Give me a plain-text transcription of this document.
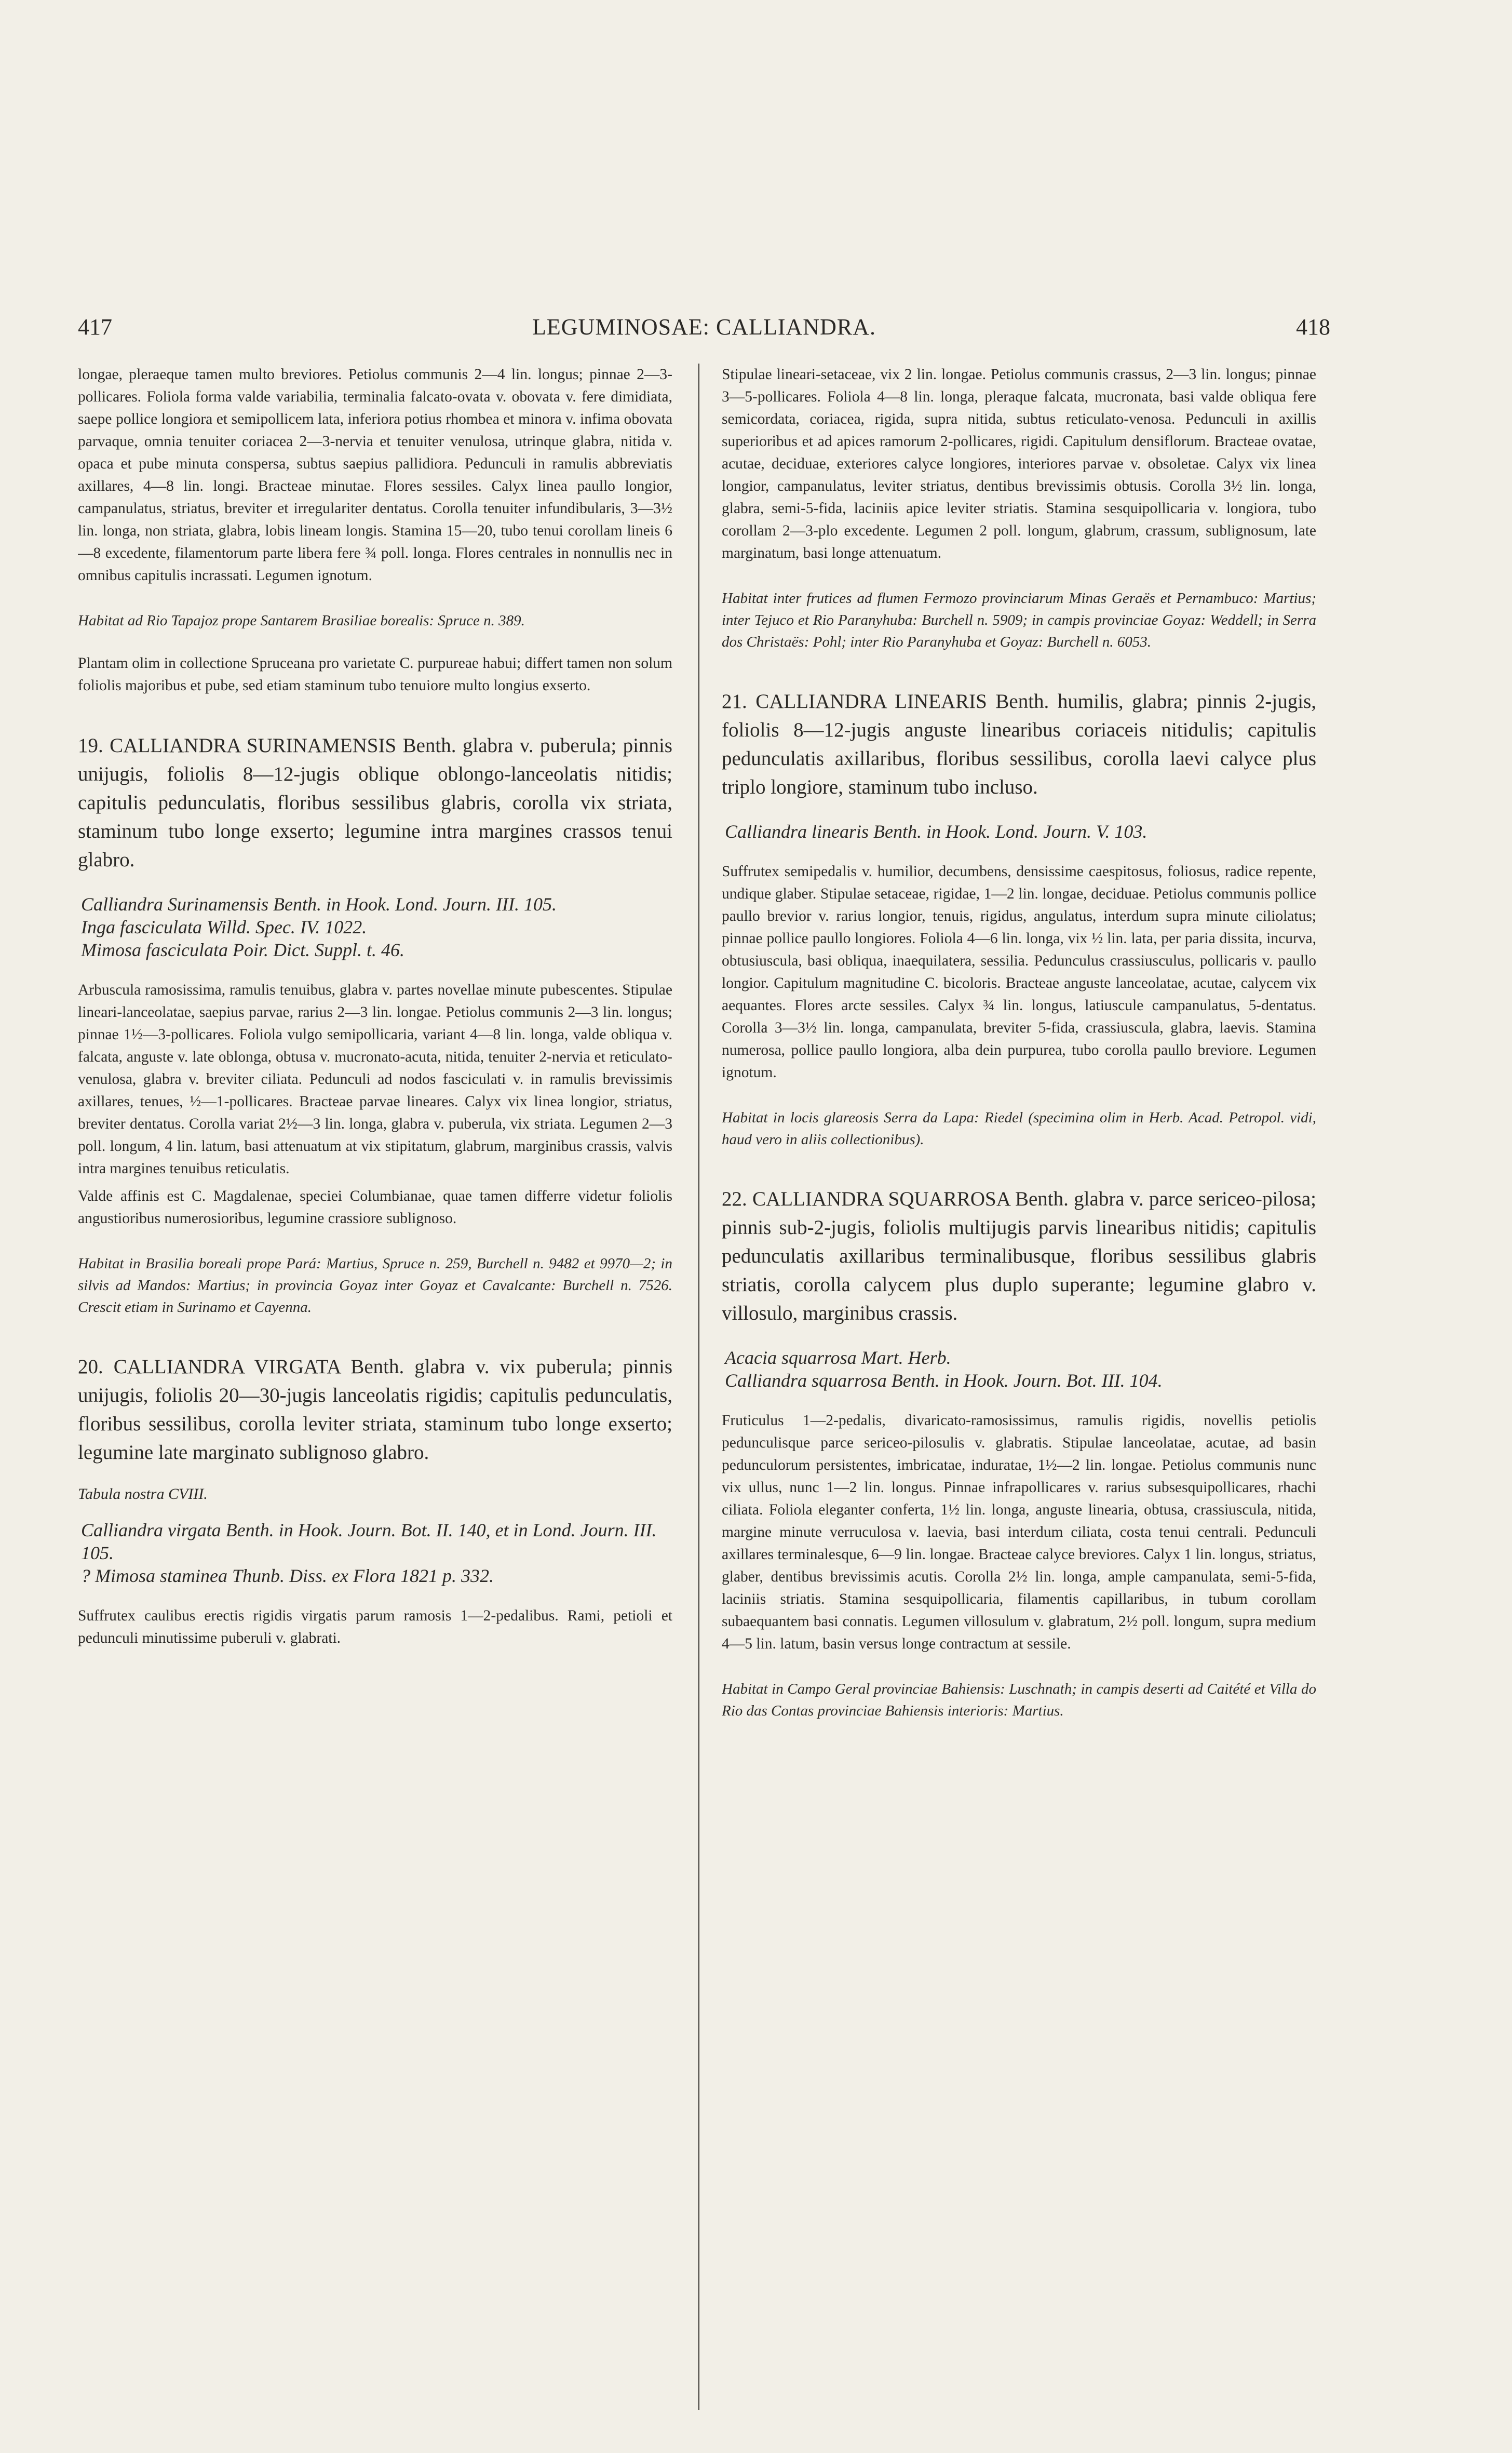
417	LEGUMINOSAE: CALLIANDRA.	418

longae, pleraeque tamen multo breviores. Petiolus communis 2—4 lin. longus; pinnae 2—3-pollicares. Foliola forma valde variabilia, terminalia falcato-ovata v. obovata v. fere dimidiata, saepe pollice longiora et semipollicem lata, inferiora potius rhombea et minora v. infima obovata parvaque, omnia tenuiter coriacea 2—3-nervia et tenuiter venulosa, utrinque glabra, nitida v. opaca et pube minuta conspersa, subtus saepius pallidiora. Pedunculi in ramulis abbreviatis axillares, 4—8 lin. longi. Bracteae minutae. Flores sessiles. Calyx linea paullo longior, campanulatus, striatus, breviter et irregulariter dentatus. Corolla tenuiter infundibularis, 3—3½ lin. longa, non striata, glabra, lobis lineam longis. Stamina 15—20, tubo tenui corollam lineis 6—8 excedente, filamentorum parte libera fere ¾ poll. longa. Flores centrales in nonnullis nec in omnibus capitulis incrassati. Legumen ignotum.

Habitat ad Rio Tapajoz prope Santarem Brasiliae borealis: Spruce n. 389.

Plantam olim in collectione Spruceana pro varietate C. purpureae habui; differt tamen non solum foliolis majoribus et pube, sed etiam staminum tubo tenuiore multo longius exserto.

19. CALLIANDRA SURINAMENSIS Benth. glabra v. puberula; pinnis unijugis, foliolis 8—12-jugis oblique oblongo-lanceolatis nitidis; capitulis pedunculatis, floribus sessilibus glabris, corolla vix striata, staminum tubo longe exserto; legumine intra margines crassos tenui glabro.

Calliandra Surinamensis Benth. in Hook. Lond. Journ. III. 105.

Inga fasciculata Willd. Spec. IV. 1022.

Mimosa fasciculata Poir. Dict. Suppl. t. 46.

Arbuscula ramosissima, ramulis tenuibus, glabra v. partes novellae minute pubescentes. Stipulae lineari-lanceolatae, saepius parvae, rarius 2—3 lin. longae. Petiolus communis 2—3 lin. longus; pinnae 1½—3-pollicares. Foliola vulgo semipollicaria, variant 4—8 lin. longa, valde obliqua v. falcata, anguste v. late oblonga, obtusa v. mucronato-acuta, nitida, tenuiter 2-nervia et reticulato-venulosa, glabra v. breviter ciliata. Pedunculi ad nodos fasciculati v. in ramulis brevissimis axillares, tenues, ½—1-pollicares. Bracteae parvae lineares. Calyx vix lineа longior, striatus, breviter dentatus. Corolla variat 2½—3 lin. longa, glabra v. puberula, vix striata. Legumen 2—3 poll. longum, 4 lin. latum, basi attenuatum at vix stipitatum, glabrum, marginibus crassis, valvis intra margines tenuibus reticulatis.

Valde affinis est C. Magdalenae, speciei Columbianae, quae tamen differre videtur foliolis angustioribus numerosioribus, legumine crassiore sublignoso.

Habitat in Brasilia boreali prope Pará: Martius, Spruce n. 259, Burchell n. 9482 et 9970—2; in silvis ad Mandos: Martius; in provincia Goyaz inter Goyaz et Cavalcante: Burchell n. 7526. Crescit etiam in Surinamo et Cayenna.

20. CALLIANDRA VIRGATA Benth. glabra v. vix puberula; pinnis unijugis, foliolis 20—30-jugis lanceolatis rigidis; capitulis pedunculatis, floribus sessilibus, corolla leviter striata, staminum tubo longe exserto; legumine late marginato sublignoso glabro.

Tabula nostra CVIII.

Calliandra virgata Benth. in Hook. Journ. Bot. II. 140, et in Lond. Journ. III. 105.

? Mimosa staminea Thunb. Diss. ex Flora 1821 p. 332.

Suffrutex caulibus erectis rigidis virgatis parum ramosis 1—2-pedalibus. Rami, petioli et pedunculi minutissime puberuli v. glabrati.

Stipulae lineari-setaceae, vix 2 lin. longae. Petiolus communis crassus, 2—3 lin. longus; pinnae 3—5-pollicares. Foliola 4—8 lin. longa, pleraque falcata, mucronata, basi valde obliqua fere semicordata, coriacea, rigida, supra nitida, subtus reticulato-venosa. Pedunculi in axillis superioribus et ad apices ramorum 2-pollicares, rigidi. Capitulum densiflorum. Bracteae ovatae, acutae, deciduae, exteriores calyce longiores, interiores parvae v. obsoletae. Calyx vix linea longior, campanulatus, leviter striatus, dentibus brevissimis obtusis. Corolla 3½ lin. longa, glabra, semi-5-fida, laciniis apice leviter striatis. Stamina sesquipollicaria v. longiora, tubo corollam 2—3-plo excedente. Legumen 2 poll. longum, glabrum, crassum, sublignosum, late marginatum, basi longe attenuatum.

Habitat inter frutices ad flumen Fermozo provinciarum Minas Geraës et Pernambuco: Martius; inter Tejuco et Rio Paranyhuba: Burchell n. 5909; in campis provinciae Goyaz: Weddell; in Serra dos Christaës: Pohl; inter Rio Paranyhuba et Goyaz: Burchell n. 6053.

21. CALLIANDRA LINEARIS Benth. humilis, glabra; pinnis 2-jugis, foliolis 8—12-jugis anguste linearibus coriaceis nitidulis; capitulis pedunculatis axillaribus, floribus sessilibus, corolla laevi calyce plus triplo longiore, staminum tubo incluso.

Calliandra linearis Benth. in Hook. Lond. Journ. V. 103.

Suffrutex semipedalis v. humilior, decumbens, densissime caespitosus, foliosus, radice repente, undique glaber. Stipulae setaceae, rigidae, 1—2 lin. longae, deciduae. Petiolus communis pollice paullo brevior v. rarius longior, tenuis, rigidus, angulatus, interdum supra minute ciliolatus; pinnae pollice paullo longiores. Foliola 4—6 lin. longa, vix ½ lin. lata, per paria dissita, incurva, obtusiuscula, basi obliqua, inaequilatera, sessilia. Pedunculus crassiusculus, pollicaris v. paullo longior. Capitulum magnitudine C. bicoloris. Bracteae anguste lanceolatae, acutae, calycem vix aequantes. Flores arcte sessiles. Calyx ¾ lin. longus, latiuscule campanulatus, 5-dentatus. Corolla 3—3½ lin. longa, campanulata, breviter 5-fida, crassiuscula, glabra, laevis. Stamina numerosa, pollice paullo longiora, alba dein purpurea, tubo corolla paullo breviore. Legumen ignotum.

Habitat in locis glareosis Serra da Lapa: Riedel (specimina olim in Herb. Acad. Petropol. vidi, haud vero in aliis collectionibus).

22. CALLIANDRA SQUARROSA Benth. glabra v. parce sericeo-pilosa; pinnis sub-2-jugis, foliolis multijugis parvis linearibus nitidis; capitulis pedunculatis axillaribus terminalibusque, floribus sessilibus glabris striatis, corolla calycem plus duplo superante; legumine glabro v. villosulo, marginibus crassis.

Acacia squarrosa Mart. Herb.

Calliandra squarrosa Benth. in Hook. Journ. Bot. III. 104.

Fruticulus 1—2-pedalis, divaricato-ramosissimus, ramulis rigidis, novellis petiolis pedunculisque parce sericeo-pilosulis v. glabratis. Stipulae lanceolatae, acutae, ad basin pedunculorum persistentes, imbricatae, induratae, 1½—2 lin. longae. Petiolus communis nunc vix ullus, nunc 1—2 lin. longus. Pinnae infrapollicares v. rarius subsesquipollicares, rhachi ciliata. Foliola eleganter conferta, 1½ lin. longa, anguste linearia, obtusa, crassiuscula, nitida, margine minute verruculosa v. laevia, basi interdum ciliata, costa tenui centrali. Pedunculi axillares terminalesque, 6—9 lin. longae. Bracteae calyce breviores. Calyx 1 lin. longus, striatus, glaber, dentibus brevissimis acutis. Corolla 2½ lin. longa, ample campanulata, semi-5-fida, laciniis striatis. Stamina sesquipollicaria, filamentis capillaribus, in tubum corollam subaequantem basi connatis. Legumen villosulum v. glabratum, 2½ poll. longum, supra medium 4—5 lin. latum, basin versus longe contractum at sessile.

Habitat in Campo Geral provinciae Bahiensis: Luschnath; in campis deserti ad Caitété et Villa do Rio das Contas provinciae Bahiensis interioris: Martius.
